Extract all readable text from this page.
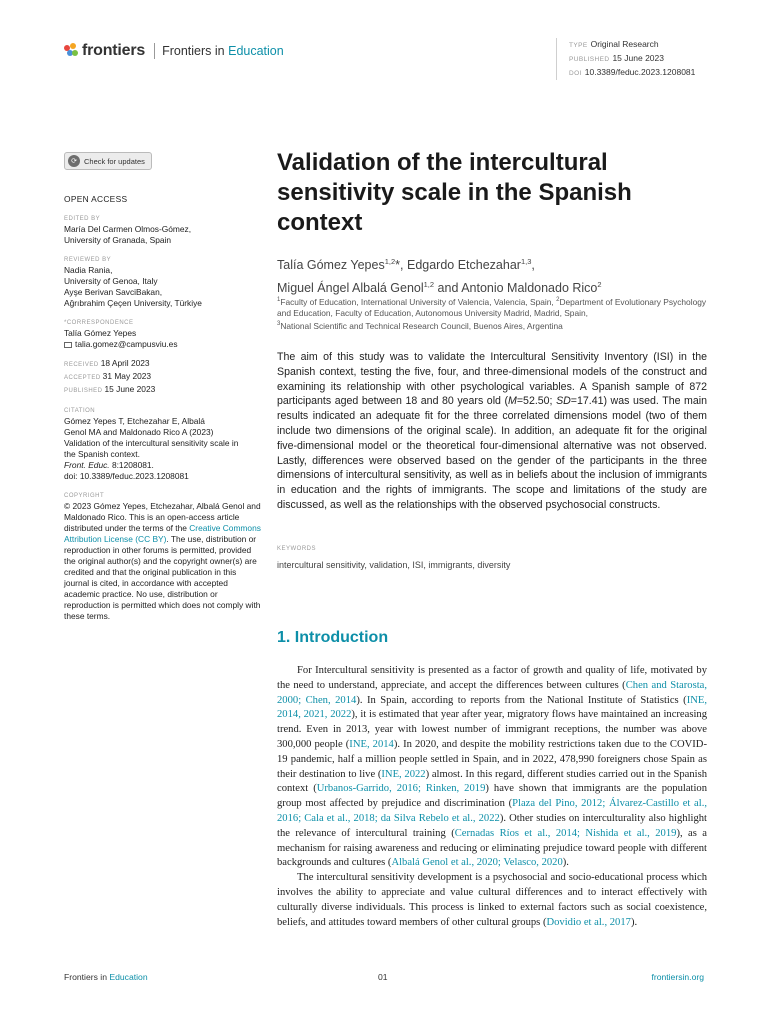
frontiers Frontiers in Education	TYPE Original Research
PUBLISHED 15 June 2023
DOI 10.3389/feduc.2023.1208081
⟳ Check for updates
OPEN ACCESS
EDITED BY

María Del Carmen Olmos-Gómez,

University of Granada, Spain

REVIEWED BY

Nadia Rania,

University of Genoa, Italy

Ayşe Berivan SavciBakan,

Ağrıbrahim Çeçen University, Türkiye

*CORRESPONDENCE

Talía Gómez Yepes

talia.gomez@campusviu.es

RECEIVED 18 April 2023
ACCEPTED 31 May 2023
PUBLISHED 15 June 2023
CITATION

Gómez Yepes T, Etchezahar E, Albalá

Genol MA and Maldonado Rico A (2023)

Validation of the intercultural sensitivity scale in

the Spanish context.

Front. Educ. 8:1208081.

doi: 10.3389/feduc.2023.1208081

COPYRIGHT

© 2023 Gómez Yepes, Etchezahar, Albalá Genol and Maldonado Rico. This is an open-access article distributed under the terms of the Creative Commons Attribution License (CC BY). The use, distribution or reproduction in other forums is permitted, provided the original author(s) and the copyright owner(s) are credited and that the original publication in this journal is cited, in accordance with accepted academic practice. No use, distribution or reproduction is permitted which does not comply with these terms.

Validation of the intercultural sensitivity scale in the Spanish context
Talía Gómez Yepes$^{1,2}$*, Edgardo Etchezahar$^{1,3}$,
Miguel Ángel Albalá Genol$^{1,2}$ and Antonio Maldonado Rico$^2$
$^1$Faculty of Education, International University of Valencia, Valencia, Spain, $^2$Department of Evolutionary Psychology and Education, Faculty of Education, Autonomous University Madrid, Madrid, Spain,
$^3$National Scientific and Technical Research Council, Buenos Aires, Argentina
The aim of this study was to validate the Intercultural Sensitivity Inventory (ISI) in the Spanish context, testing the five, four, and three-dimensional models of the construct and examining its relationship with other psychological variables. A Spanish sample of 872 participants aged between 18 and 80 years old (M=52.50; SD=17.41) was used. The main results indicated an adequate fit for the three correlated dimensions model (two of them include two dimensions of the original scale). In addition, an adequate fit for the original five-dimensional model or the theoretical four-dimensional alternative was not observed. Lastly, differences were observed based on the gender of the participants in the three dimensions of intercultural sensitivity, as well as in beliefs about the inclusion of immigrants in education and the rights of immigrants. The scope and limitations of the study are discussed, as well as the relationships with the observed psychosocial constructs.
KEYWORDS
intercultural sensitivity, validation, ISI, immigrants, diversity
1. Introduction

For Intercultural sensitivity is presented as a factor of growth and quality of life, motivated by the need to understand, appreciate, and accept the differences between cultures (Chen and Starosta, 2000; Chen, 2014). In Spain, according to reports from the National Institute of Statistics (INE, 2014, 2021, 2022), it is estimated that year after year, migratory flows have maintained an increasing trend. Even in 2013, year with lowest number of immigrant receptions, the number was above 300,000 people (INE, 2014). In 2020, and despite the mobility restrictions taken due to the COVID-19 pandemic, half a million people settled in Spain, and in 2022, 478,990 foreigners chose Spain as their destination to live (INE, 2022) almost. In this regard, different studies carried out in the Spanish context (Urbanos-Garrido, 2016; Rinken, 2019) have shown that immigrants are the population group most affected by prejudice and discrimination (Plaza del Pino, 2012; Álvarez-Castillo et al., 2016; Cala et al., 2018; da Silva Rebelo et al., 2022). Other studies on interculturality also highlight the relevance of intercultural training (Cernadas Ríos et al., 2014; Nishida et al., 2019), as a mechanism for raising awareness and reducing or eliminating prejudice toward people with different backgrounds and cultures (Albalá Genol et al., 2020; Velasco, 2020).

The intercultural sensitivity development is a psychosocial and socio-educational process which involves the ability to appreciate and value cultural differences and to interact effectively with culturally diverse individuals. This process is linked to external factors such as social coexistence, beliefs, and attitudes toward members of other cultural groups (Dovidio et al., 2017).

Frontiers in Education	01	frontiersin.org
